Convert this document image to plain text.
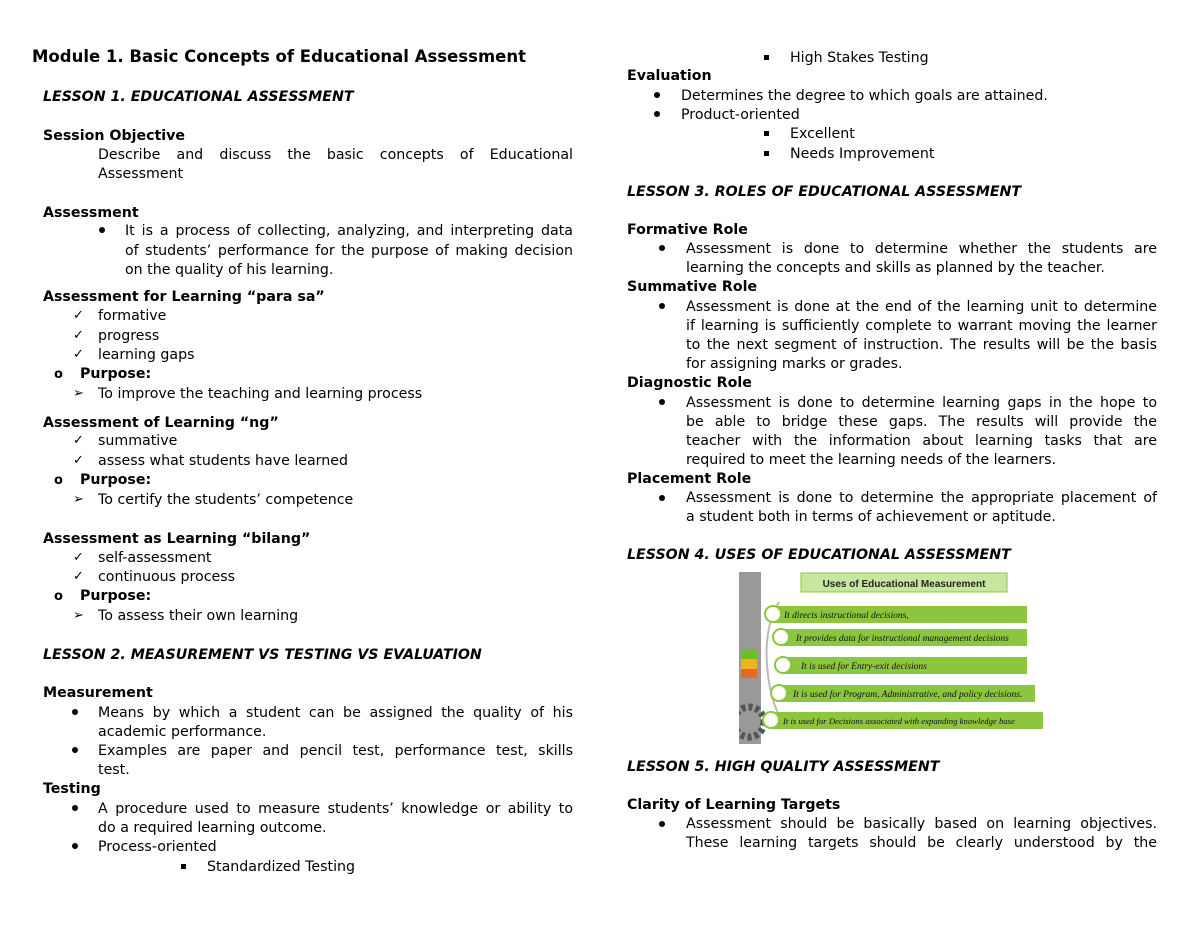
Module 1. Basic Concepts of Educational Assessment
LESSON 1. EDUCATIONAL ASSESSMENT
Session Objective
Describe and discuss the basic concepts of Educational
Assessment
Assessment
It is a process of collecting, analyzing, and interpreting data
of students’ performance for the purpose of making decision
on the quality of his learning.
Assessment for Learning “para sa”
✓ formative
✓ progress
✓ learning gaps
o Purpose:
➢ To improve the teaching and learning process
Assessment of Learning “ng”
✓ summative
✓ assess what students have learned
o Purpose:
➢ To certify the students’ competence
Assessment as Learning “bilang”
✓ self-assessment
✓ continuous process
o Purpose:
➢ To assess their own learning
LESSON 2. MEASUREMENT VS TESTING VS EVALUATION
Measurement
Means by which a student can be assigned the quality of his
academic performance.
Examples are paper and pencil test, performance test, skills
test.
Testing
A procedure used to measure students’ knowledge or ability to
do a required learning outcome.
Process-oriented
Standardized Testing
High Stakes Testing
Evaluation
Determines the degree to which goals are attained.
Product-oriented
Excellent
Needs Improvement
LESSON 3. ROLES OF EDUCATIONAL ASSESSMENT
Formative Role
Assessment is done to determine whether the students are
learning the concepts and skills as planned by the teacher.
Summative Role
Assessment is done at the end of the learning unit to determine
if learning is sufficiently complete to warrant moving the learner
to the next segment of instruction. The results will be the basis
for assigning marks or grades.
Diagnostic Role
Assessment is done to determine learning gaps in the hope to
be able to bridge these gaps. The results will provide the
teacher with the information about learning tasks that are
required to meet the learning needs of the learners.
Placement Role
Assessment is done to determine the appropriate placement of
a student both in terms of achievement or aptitude.
LESSON 4. USES OF EDUCATIONAL ASSESSMENT
LESSON 5. HIGH QUALITY ASSESSMENT
Clarity of Learning Targets
Assessment should be basically based on learning objectives.
These learning targets should be clearly understood by the
Uses of Educational Measurement
It directs instructional decisions,
It provides data for instructional management decisions
It is used for Entry-exit decisions
It is used for Program, Administrative, and policy decisions.
It is used for Decisions associated with expanding knowledge base
